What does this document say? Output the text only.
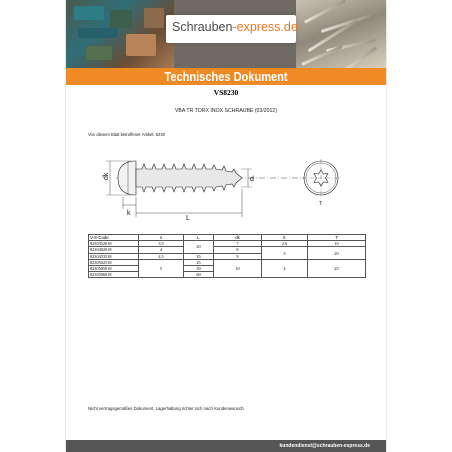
Schrauben-express.de
Technisches Dokument
VS8230
VBA TR TORX INOX SCHRAUBE (03/2012)
Von diesem Blatt betroffener Artikel: 8230
dk	d
k
L
T
V-S-Code	s	L	dk	k	T
8230352018	3.5	20	7	2.6	10
8230402018	4		8	3	20
8230453518	4.5	35	9		
8230502518	5	25	10	4	25
8230505018		50			
8230506018		60			
Nicht vertragsgemäßes Dokument, Lagerhaltung richtet sich nach Kundenwunsch.
kundendienst@schrauben-express.de
